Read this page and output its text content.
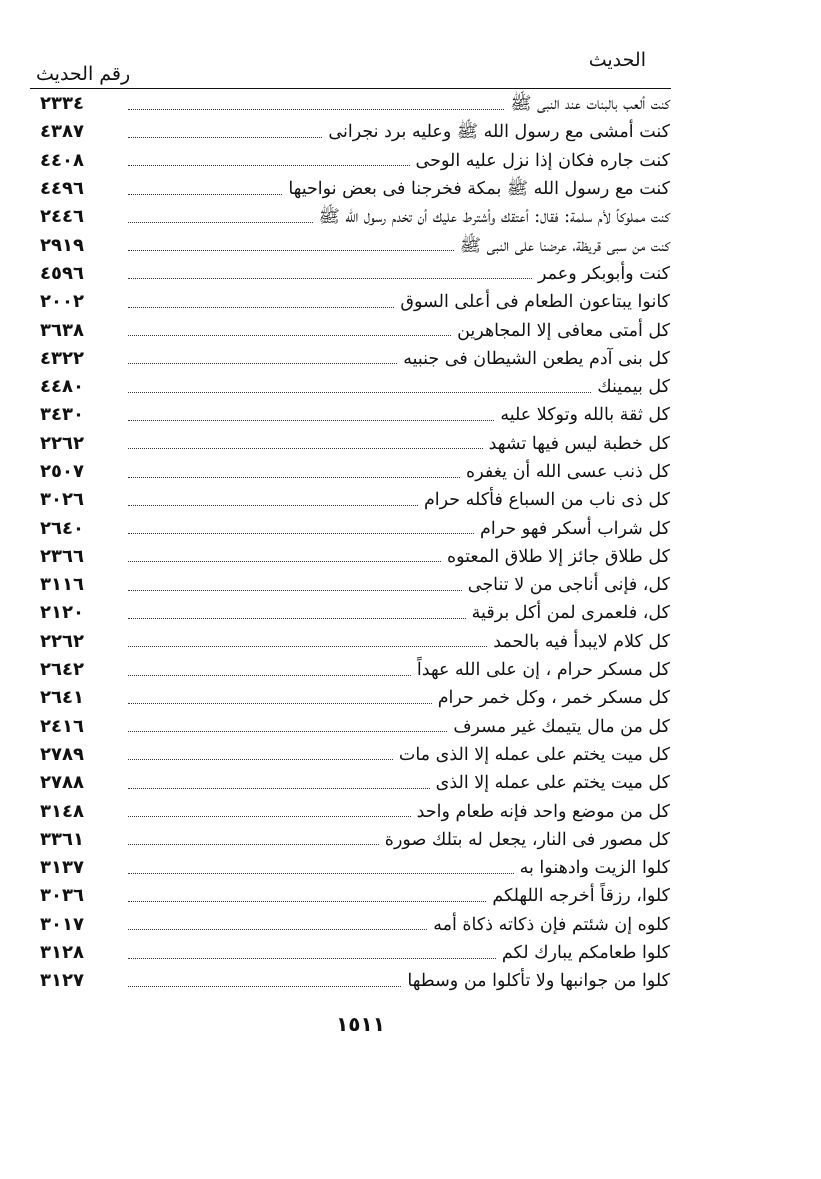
الحديث
رقم الحديث
كنت ألعب بالبنات عند النبى ﷺ
٢٣٣٤
كنت أمشى مع رسول الله ﷺ وعليه برد نجرانى
٤٣٨٧
كنت جاره فكان إذا نزل عليه الوحى
٤٤٠٨
كنت مع رسول الله ﷺ بمكة فخرجنا فى بعض نواحيها
٤٤٩٦
كنت مملوكاً لأم سلمة: فقال: أعتقك وأشترط عليك أن تخدم رسول الله ﷺ
٢٤٤٦
كنت من سبى قريظة، عرضنا على النبى ﷺ
٢٩١٩
كنت وأبوبكر وعمر
٤٥٩٦
كانوا يبتاعون الطعام فى أعلى السوق
٢٠٠٢
كل أمتى معافى إلا المجاهرين
٣٦٣٨
كل بنى آدم يطعن الشيطان فى جنبيه
٤٣٢٢
كل بيمينك
٤٤٨٠
كل ثقة بالله وتوكلا عليه
٣٤٣٠
كل خطبة ليس فيها تشهد
٢٢٦٢
كل ذنب عسى الله أن يغفره
٢٥٠٧
كل ذى ناب من السباع فأكله حرام
٣٠٢٦
كل شراب أسكر فهو حرام
٢٦٤٠
كل طلاق جائز إلا طلاق المعتوه
٢٣٦٦
كل، فإنى أناجى من لا تناجى
٣١١٦
كل، فلعمرى لمن أكل برقية
٢١٢٠
كل كلام لايبدأ فيه بالحمد
٢٢٦٢
كل مسكر حرام ، إن على الله عهداً
٢٦٤٢
كل مسكر خمر ، وكل خمر حرام
٢٦٤١
كل من مال يتيمك غير مسرف
٢٤١٦
كل ميت يختم على عمله إلا الذى مات
٢٧٨٩
كل ميت يختم على عمله إلا الذى
٢٧٨٨
كل من موضع واحد فإنه طعام واحد
٣١٤٨
كل مصور فى النار، يجعل له بتلك صورة
٣٣٦١
كلوا الزيت وادهنوا به
٣١٣٧
كلوا، رزقاً أخرجه اللهلكم
٣٠٣٦
كلوه إن شئتم فإن ذكاته ذكاة أمه
٣٠١٧
كلوا طعامكم يبارك لكم
٣١٢٨
كلوا من جوانبها ولا تأكلوا من وسطها
٣١٢٧
١٥١١
